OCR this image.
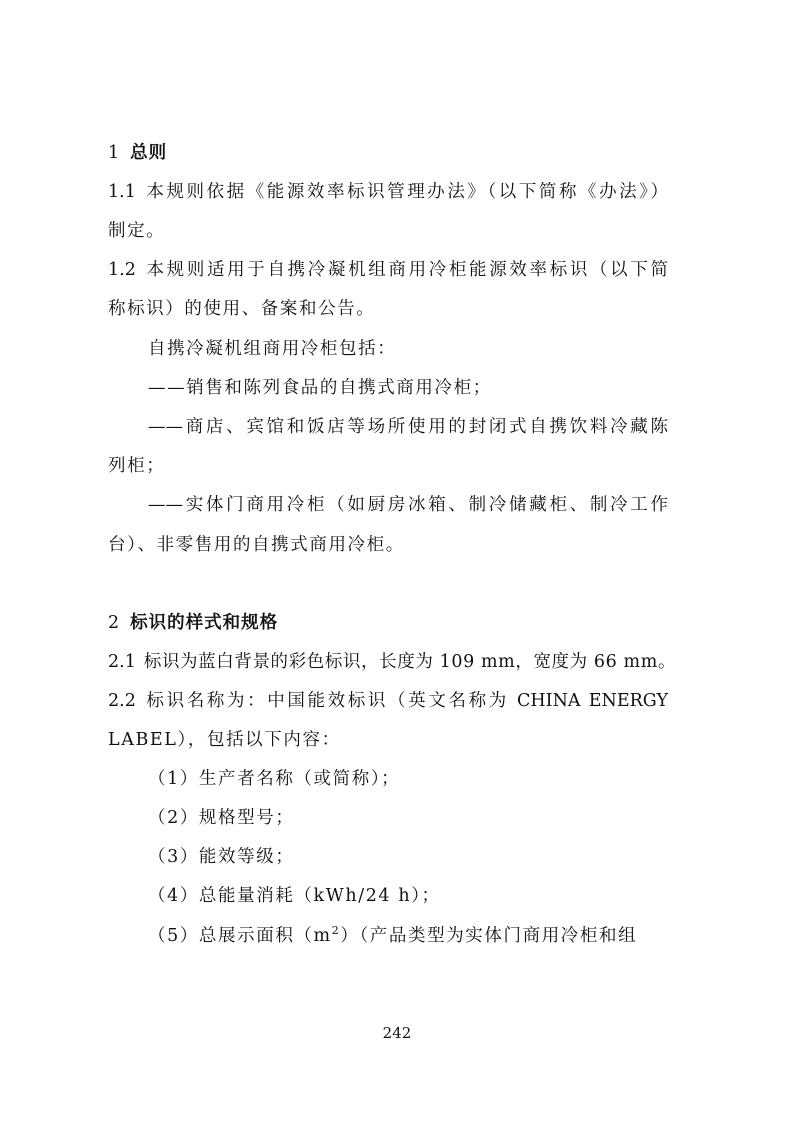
1 总则
1.1 本规则依据《能源效率标识管理办法》（以下简称《办法》）
制定。
1.2 本规则适用于自携冷凝机组商用冷柜能源效率标识（以下简
称标识）的使用、备案和公告。
自携冷凝机组商用冷柜包括：
——销售和陈列食品的自携式商用冷柜；
——商店、宾馆和饭店等场所使用的封闭式自携饮料冷藏陈
列柜；
——实体门商用冷柜（如厨房冰箱、制冷储藏柜、制冷工作
台）、非零售用的自携式商用冷柜。
2 标识的样式和规格
2.1 标识为蓝白背景的彩色标识，长度为 109 mm，宽度为 66 mm。
2.2 标识名称为：中国能效标识（英文名称为 CHINA ENERGY
LABEL），包括以下内容：
（1）生产者名称（或简称）；
（2）规格型号；
（3）能效等级；
（4）总能量消耗（kWh/24 h）；
（5）总展示面积$(m^2)$（产品类型为实体门商用冷柜和组
242
